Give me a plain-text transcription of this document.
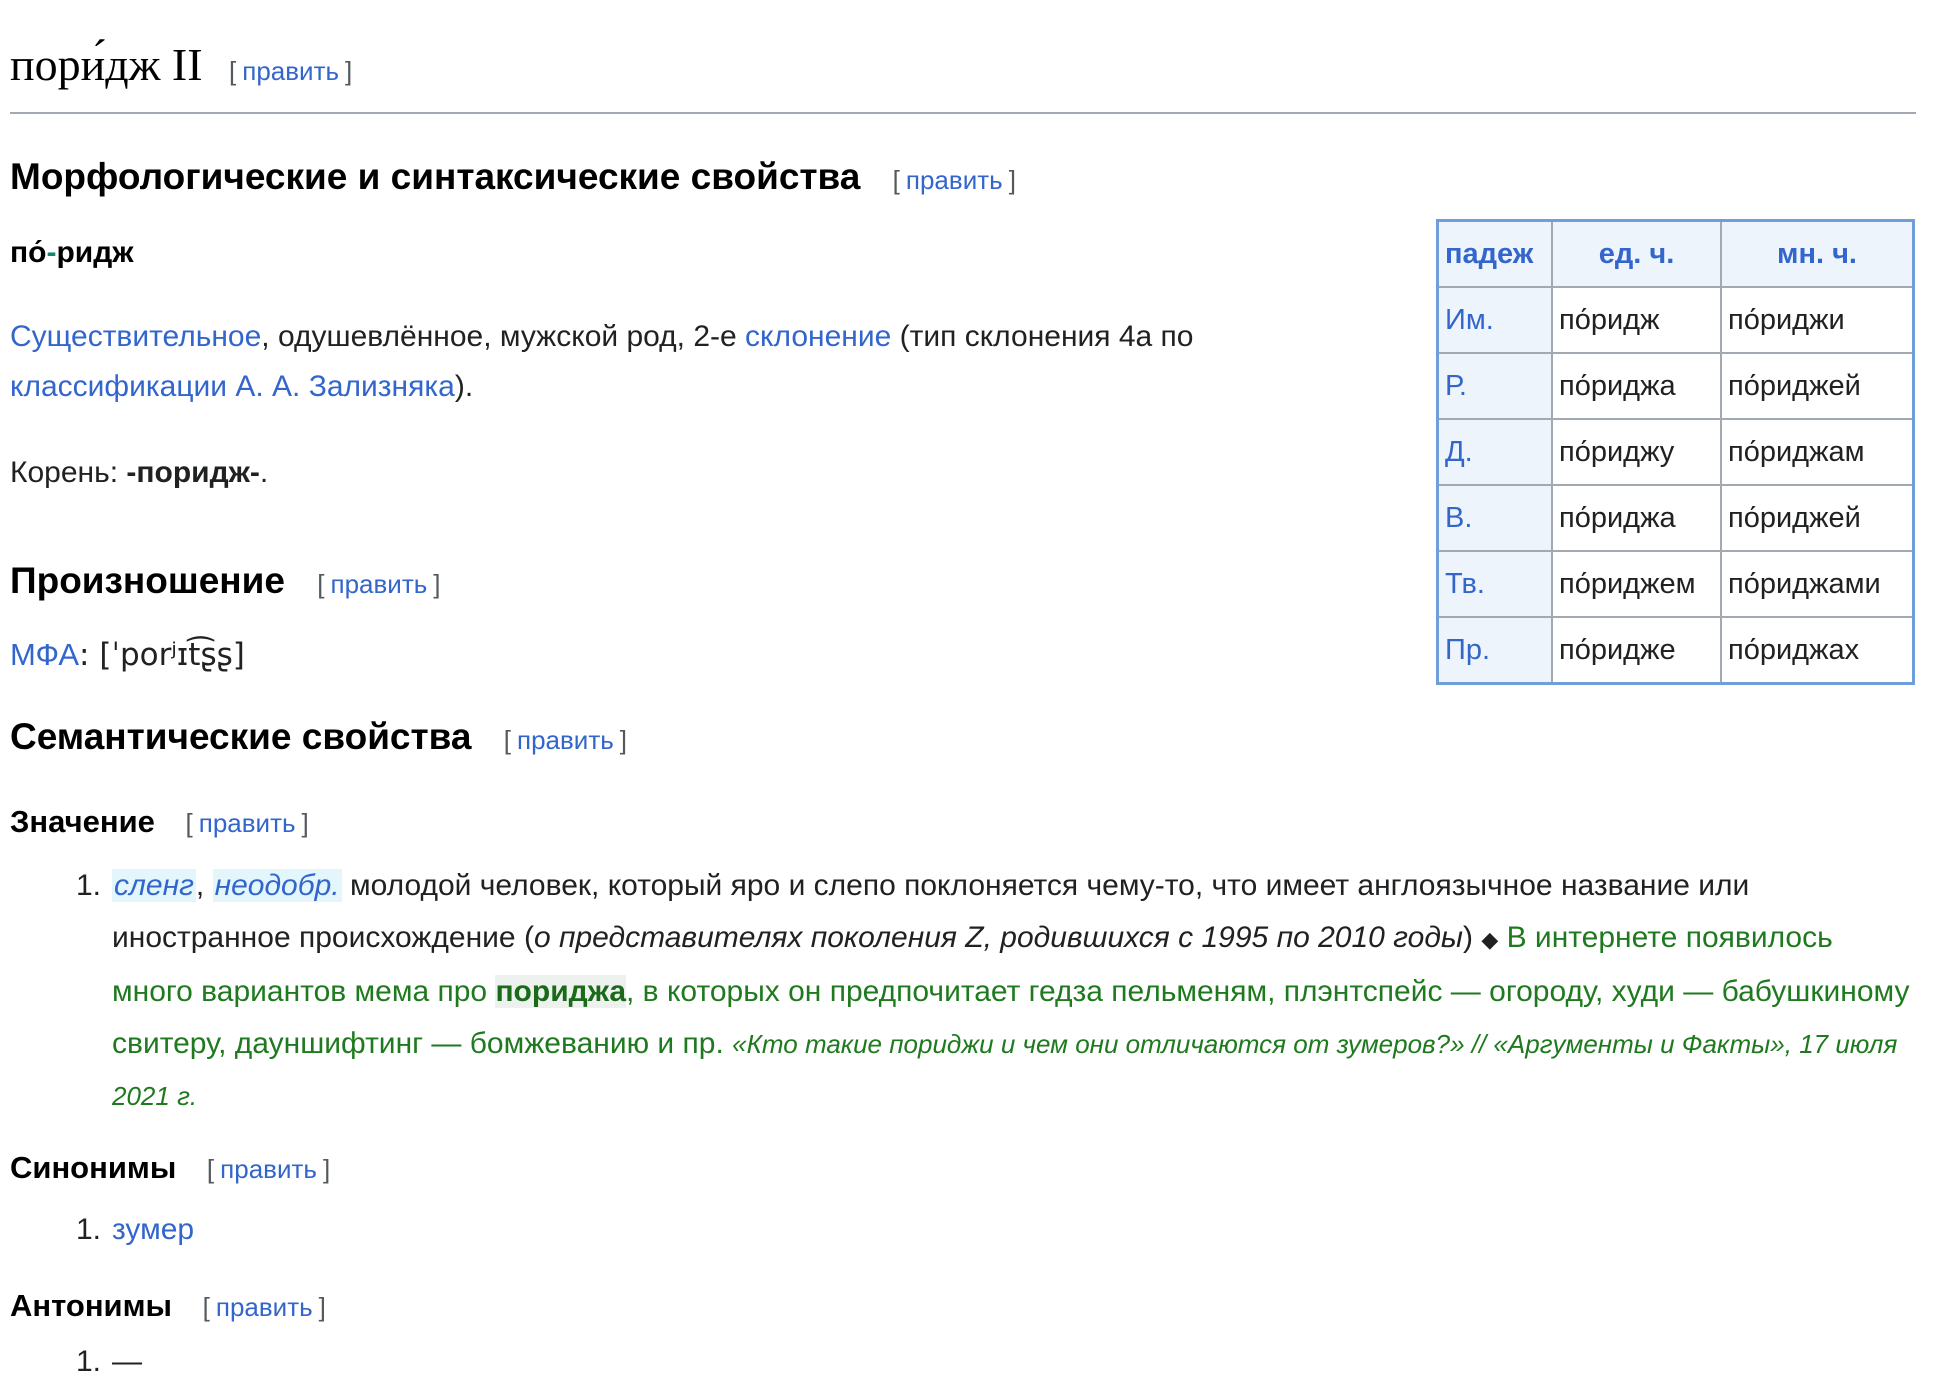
пори́дж II [ править ]
Морфологические и синтаксические свойства [ править ]
по́-ридж
Существительное, одушевлённое, мужской род, 2-е склонение (тип склонения 4a по классификации А. А. Зализняка).
Корень: -поридж-.
Произношение [ править ]
МФА: [ˈporʲɪt͡ʂʂ]
Семантические свойства [ править ]
Значение [ править ]
1. сленг, неодобр. молодой человек, который яро и слепо поклоняется чему-то, что имеет англоязычное название или иностранное происхождение (о представителях поколения Z, родившихся с 1995 по 2010 годы) ◆ В интернете появилось много вариантов мема про пориджа, в которых он предпочитает гедза пельменям, плэнтспейс — огороду, худи — бабушкиному свитеру, дауншифтинг — бомжеванию и пр. «Кто такие пориджи и чем они отличаются от зумеров?» // «Аргументы и Факты», 17 июля 2021 г.
Синонимы [ править ]
1. зумер
Антонимы [ править ]
1. —
падеж	ед. ч.	мн. ч.
Им.	по́ридж	по́риджи
Р.	по́риджа	по́риджей
Д.	по́риджу	по́риджам
В.	по́риджа	по́риджей
Тв.	по́риджем	по́риджами
Пр.	по́ридже	по́риджах
